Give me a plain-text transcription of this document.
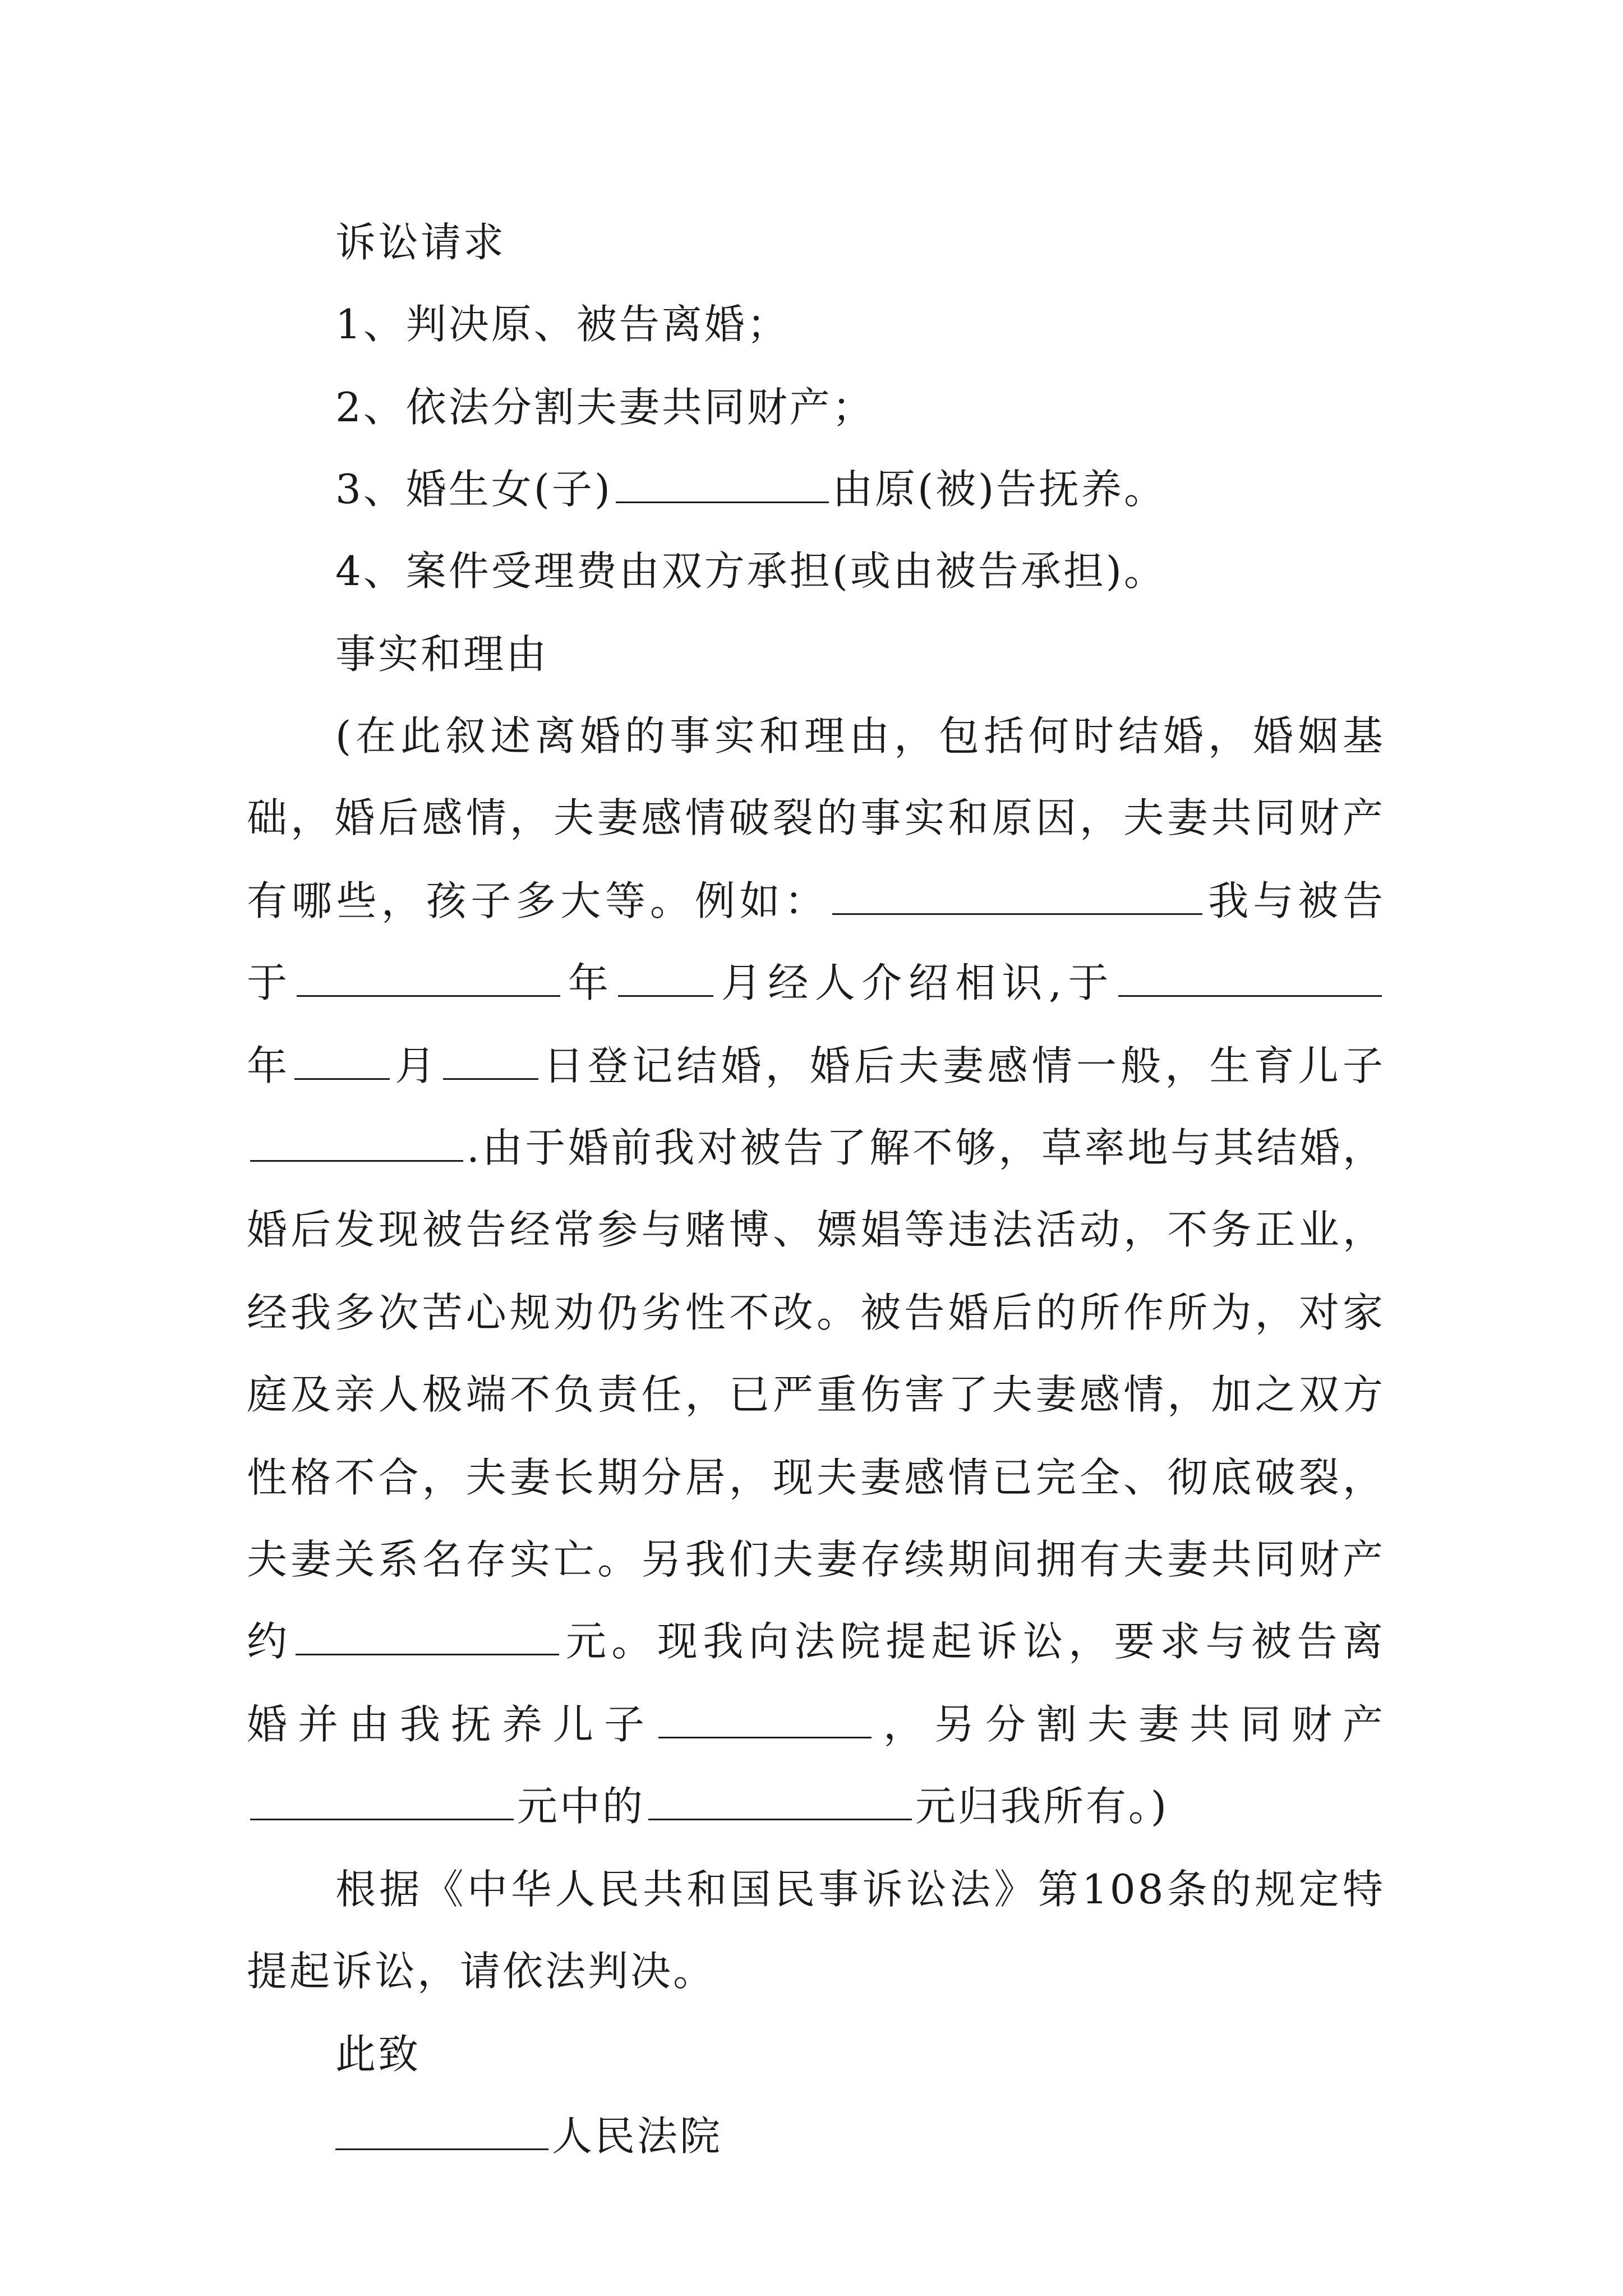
诉讼请求
1、判决原、被告离婚；
2、依法分割夫妻共同财产；
3、婚生女(子)	由原(被)告抚养。
4、案件受理费由双方承担(或由被告承担)。
事实和理由
(在此叙述离婚的事实和理由，包括何时结婚，婚姻基
础，婚后感情，夫妻感情破裂的事实和原因，夫妻共同财产
有哪些，孩子多大等。例如：	我与被告
于	年	月经人介绍相识,于
年	月	日登记结婚，婚后夫妻感情一般，生育儿子
.由于婚前我对被告了解不够，草率地与其结婚，
婚后发现被告经常参与赌博、嫖娼等违法活动，不务正业，
经我多次苦心规劝仍劣性不改。被告婚后的所作所为，对家
庭及亲人极端不负责任，已严重伤害了夫妻感情，加之双方
性格不合，夫妻长期分居，现夫妻感情已完全、彻底破裂，
夫妻关系名存实亡。另我们夫妻存续期间拥有夫妻共同财产
约	元。现我向法院提起诉讼，要求与被告离
婚并由我抚养儿子	，另分割夫妻共同财产
元中的	元归我所有。)
根据《中华人民共和国民事诉讼法》第108条的规定特
提起诉讼，请依法判决。
此致
人民法院
